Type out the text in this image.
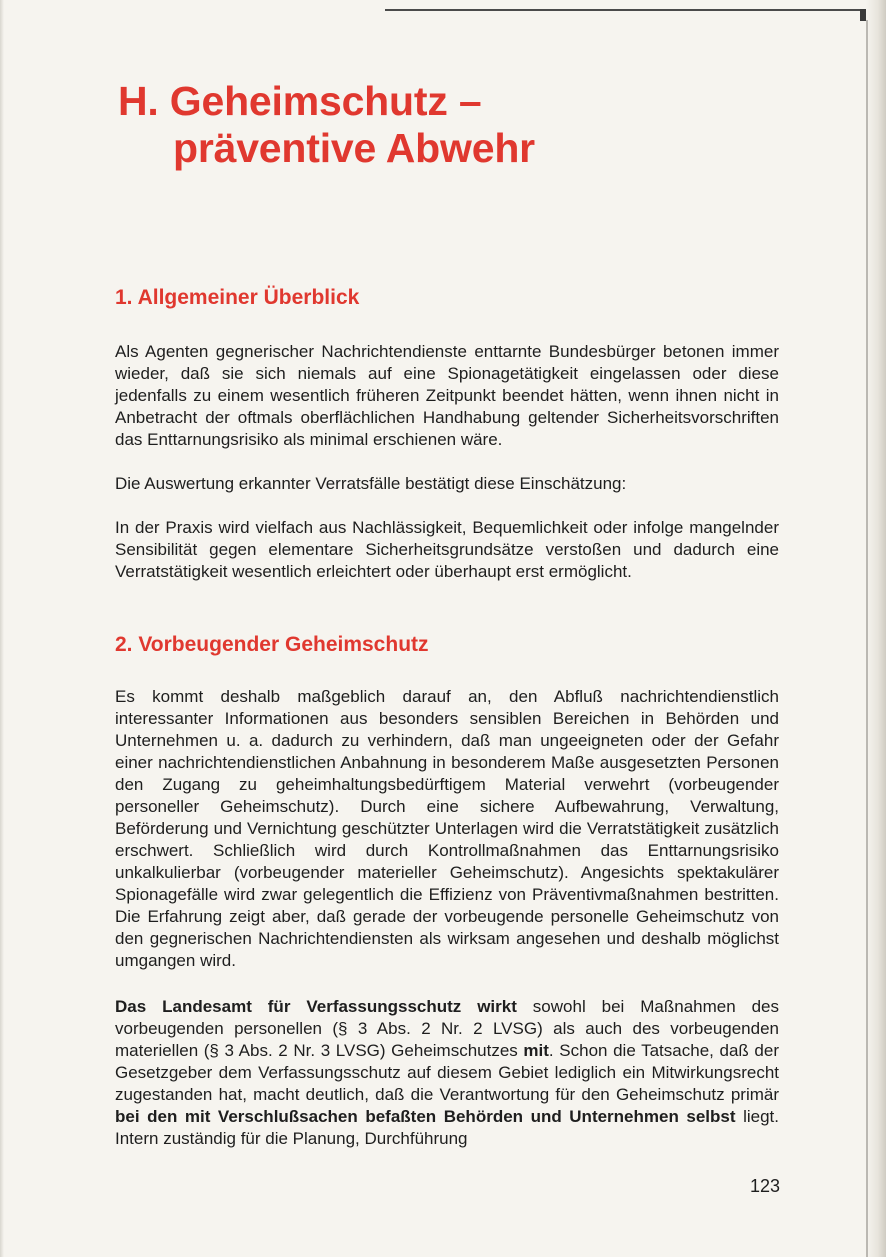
H. Geheimschutz –
präventive Abwehr
1. Allgemeiner Überblick

Als Agenten gegnerischer Nachrichtendienste enttarnte Bundesbürger betonen immer wieder, daß sie sich niemals auf eine Spionagetätigkeit eingelassen oder diese jedenfalls zu einem wesentlich früheren Zeitpunkt beendet hätten, wenn ihnen nicht in Anbetracht der oftmals oberflächlichen Handhabung geltender Sicherheitsvorschriften das Enttarnungsrisiko als minimal erschienen wäre.

Die Auswertung erkannter Verratsfälle bestätigt diese Einschätzung:

In der Praxis wird vielfach aus Nachlässigkeit, Bequemlichkeit oder infolge mangelnder Sensibilität gegen elementare Sicherheitsgrundsätze verstoßen und dadurch eine Verratstätigkeit wesentlich erleichtert oder überhaupt erst ermöglicht.

2. Vorbeugender Geheimschutz

Es kommt deshalb maßgeblich darauf an, den Abfluß nachrichtendienstlich interessanter Informationen aus besonders sensiblen Bereichen in Behörden und Unternehmen u. a. dadurch zu verhindern, daß man ungeeigneten oder der Gefahr einer nachrichtendienstlichen Anbahnung in besonderem Maße ausgesetzten Personen den Zugang zu geheimhaltungsbedürftigem Material verwehrt (vorbeugender personeller Geheimschutz). Durch eine sichere Aufbewahrung, Verwaltung, Beförderung und Vernichtung geschützter Unterlagen wird die Verratstätigkeit zusätzlich erschwert. Schließlich wird durch Kontrollmaßnahmen das Enttarnungsrisiko unkalkulierbar (vorbeugender materieller Geheimschutz). Angesichts spektakulärer Spionagefälle wird zwar gelegentlich die Effizienz von Präventivmaßnahmen bestritten. Die Erfahrung zeigt aber, daß gerade der vorbeugende personelle Geheimschutz von den gegnerischen Nachrichtendiensten als wirksam angesehen und deshalb möglichst umgangen wird.

Das Landesamt für Verfassungsschutz wirkt sowohl bei Maßnahmen des vorbeugenden personellen (§ 3 Abs. 2 Nr. 2 LVSG) als auch des vorbeugenden materiellen (§ 3 Abs. 2 Nr. 3 LVSG) Geheimschutzes mit. Schon die Tatsache, daß der Gesetzgeber dem Verfassungsschutz auf diesem Gebiet lediglich ein Mitwirkungsrecht zugestanden hat, macht deutlich, daß die Verantwortung für den Geheimschutz primär bei den mit Verschlußsachen befaßten Behörden und Unternehmen selbst liegt. Intern zuständig für die Planung, Durchführung

123
